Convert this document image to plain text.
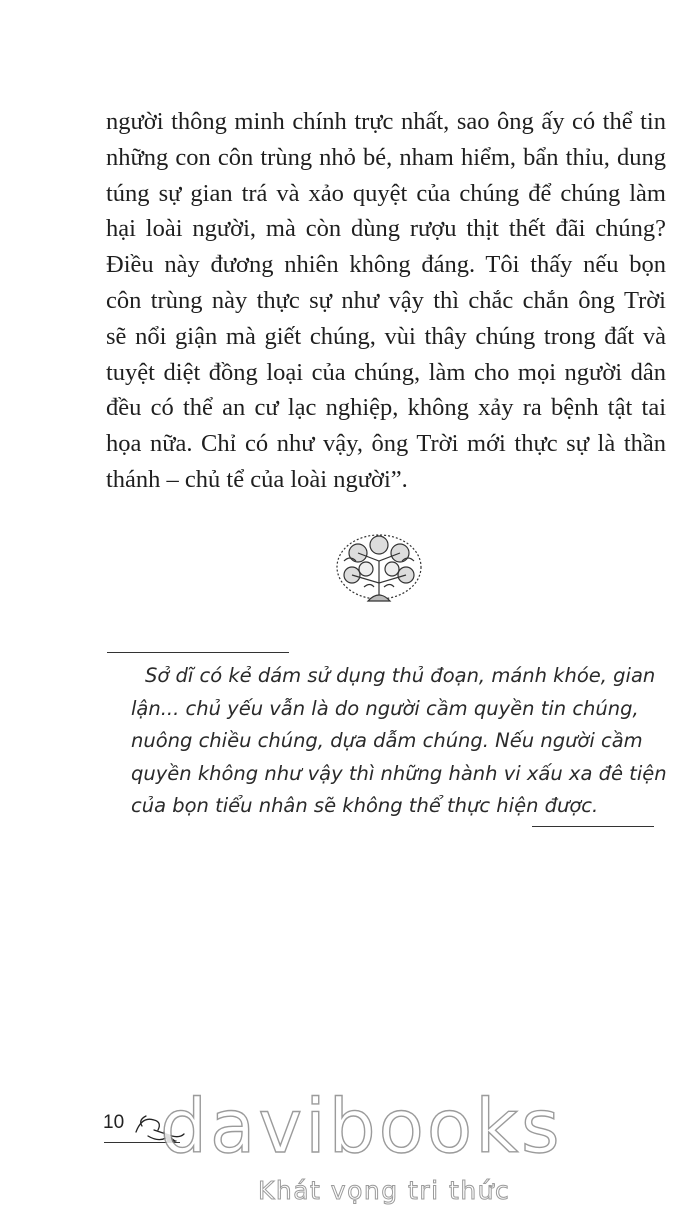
người thông minh chính trực nhất, sao ông ấy có thể tin
những con côn trùng nhỏ bé, nham hiểm, bẩn thỉu, dung
túng sự gian trá và xảo quyệt của chúng để chúng làm
hại loài người, mà còn dùng rượu thịt thết đãi chúng?
Điều này đương nhiên không đáng. Tôi thấy nếu bọn
côn trùng này thực sự như vậy thì chắc chắn ông Trời
sẽ nổi giận mà giết chúng, vùi thây chúng trong đất và
tuyệt diệt đồng loại của chúng, làm cho mọi người dân
đều có thể an cư lạc nghiệp, không xảy ra bệnh tật tai
họa nữa. Chỉ có như vậy, ông Trời mới thực sự là thần
thánh – chủ tể của loài người”.
Sở dĩ có kẻ dám sử dụng thủ đoạn, mánh khóe, gian
lận... chủ yếu vẫn là do người cầm quyền tin chúng,
nuông chiều chúng, dựa dẫm chúng. Nếu người cầm
quyền không như vậy thì những hành vi xấu xa đê tiện
của bọn tiểu nhân sẽ không thể thực hiện được.
10 davibooks
Khát vọng tri thức
